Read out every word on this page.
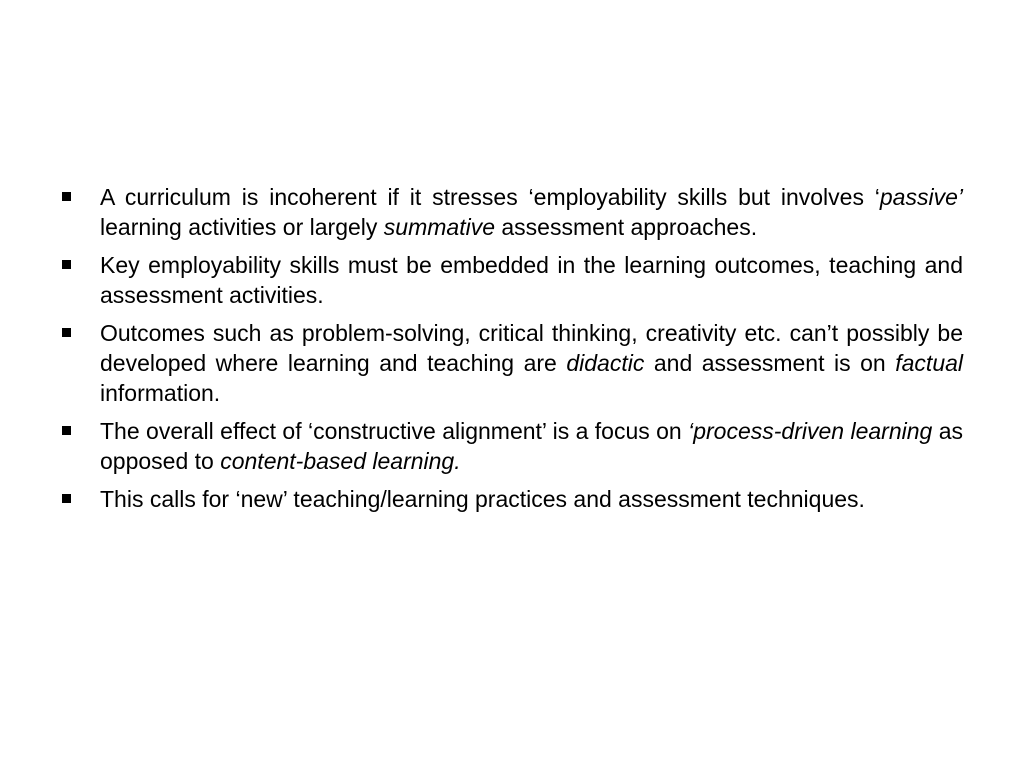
A curriculum is incoherent if it stresses ‘employability skills but involves ‘passive’ learning activities or largely summative assessment approaches.
Key employability skills must be embedded in the learning outcomes, teaching and assessment activities.
Outcomes such as problem-solving, critical thinking, creativity etc. can’t possibly be developed where learning and teaching are didactic and assessment is on factual information.
The overall effect of ‘constructive alignment’ is a focus on ‘process-driven learning as opposed to content-based learning.
This calls for ‘new’ teaching/learning practices and assessment techniques.
